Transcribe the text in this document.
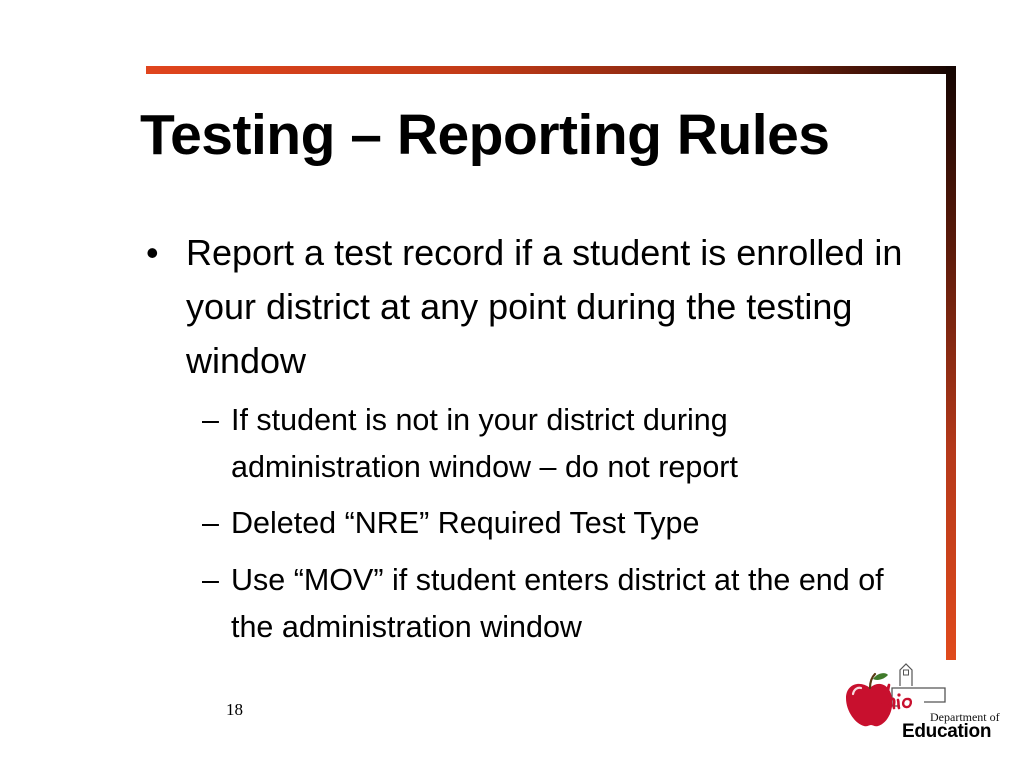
Testing – Reporting Rules
• Report a test record if a student is enrolled in your district at any point during the testing window
– If student is not in your district during administration window – do not report
– Deleted “NRE” Required Test Type
– Use “MOV” if student enters district at the end of the administration window
18	Department of
Education
